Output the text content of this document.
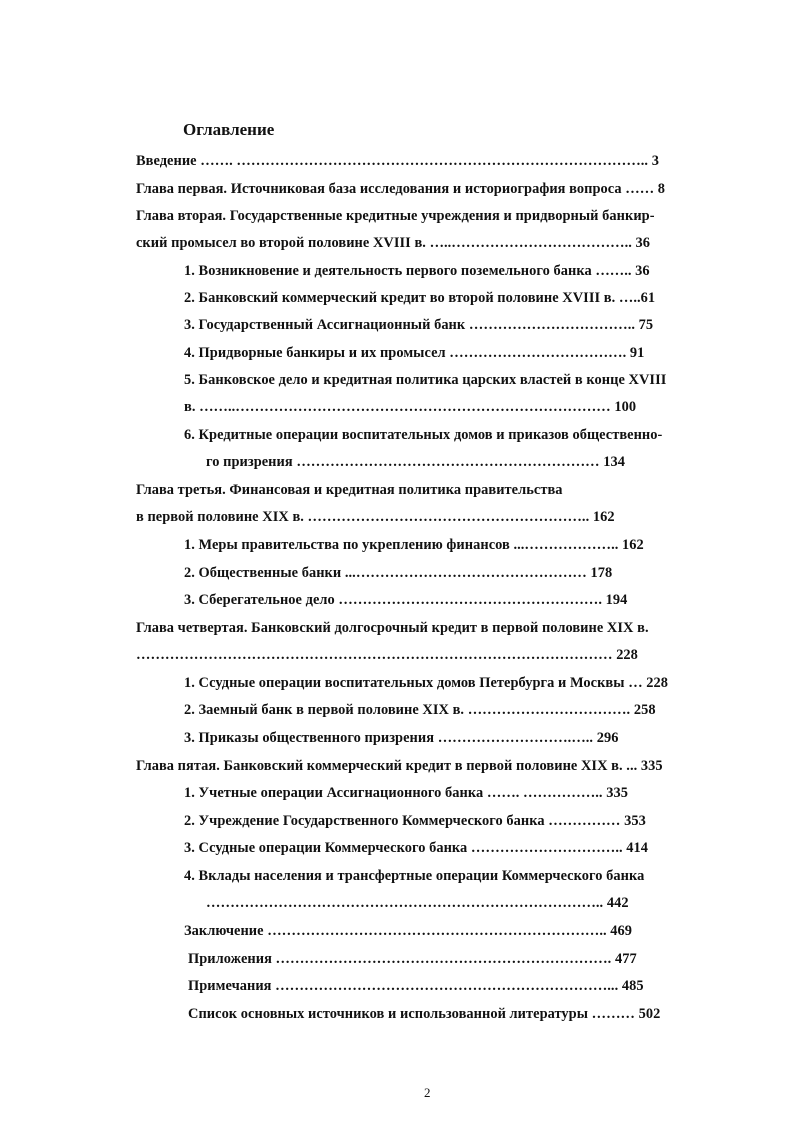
Оглавление
Введение ……. ………………………………………………………………………….. 3
Глава первая. Источниковая база исследования и историография вопроса …… 8
Глава вторая. Государственные кредитные учреждения и придворный банкир-
ский промысел во второй половине XVIII в. …..……………………………….. 36
1. Возникновение и деятельность первого поземельного банка …….. 36
2. Банковский коммерческий кредит во второй половине XVIII в. …..61
3. Государственный Ассигнационный банк …………………………….. 75
4. Придворные банкиры и их промысел ………………………………. 91
5. Банковское дело и кредитная политика царских властей в конце XVIII
в. ……..…………………………………………………………………… 100
6. Кредитные операции воспитательных домов и приказов общественно-
го призрения ……………………………………………………… 134
Глава третья. Финансовая и кредитная политика правительства
в первой половине XIX в. ………………………………………………….. 162
1. Меры правительства по укреплению финансов ...……………….. 162
2. Общественные банки ...………………………………………… 178
3. Сберегательное дело ………………………………………………. 194
Глава четвертая. Банковский долгосрочный кредит в первой половине XIX в.
……………………………………………………………………………………… 228
1. Ссудные операции воспитательных домов Петербурга и Москвы … 228
2. Заемный банк в первой половине XIX в. ……………………………. 258
3. Приказы общественного призрения ……………………….….. 296
Глава пятая. Банковский коммерческий кредит в первой половине XIX в. ... 335
1. Учетные операции Ассигнационного банка ……. …………….. 335
2. Учреждение Государственного Коммерческого банка …………… 353
3. Ссудные операции Коммерческого банка ………………………….. 414
4. Вклады населения и трансфертные операции Коммерческого банка
……………………………………………………………………….. 442
Заключение …………………………………………………………….. 469
Приложения ……………………………………………………………. 477
Примечания ……………………………………………………………... 485
Список основных источников и использованной литературы ……… 502
2
